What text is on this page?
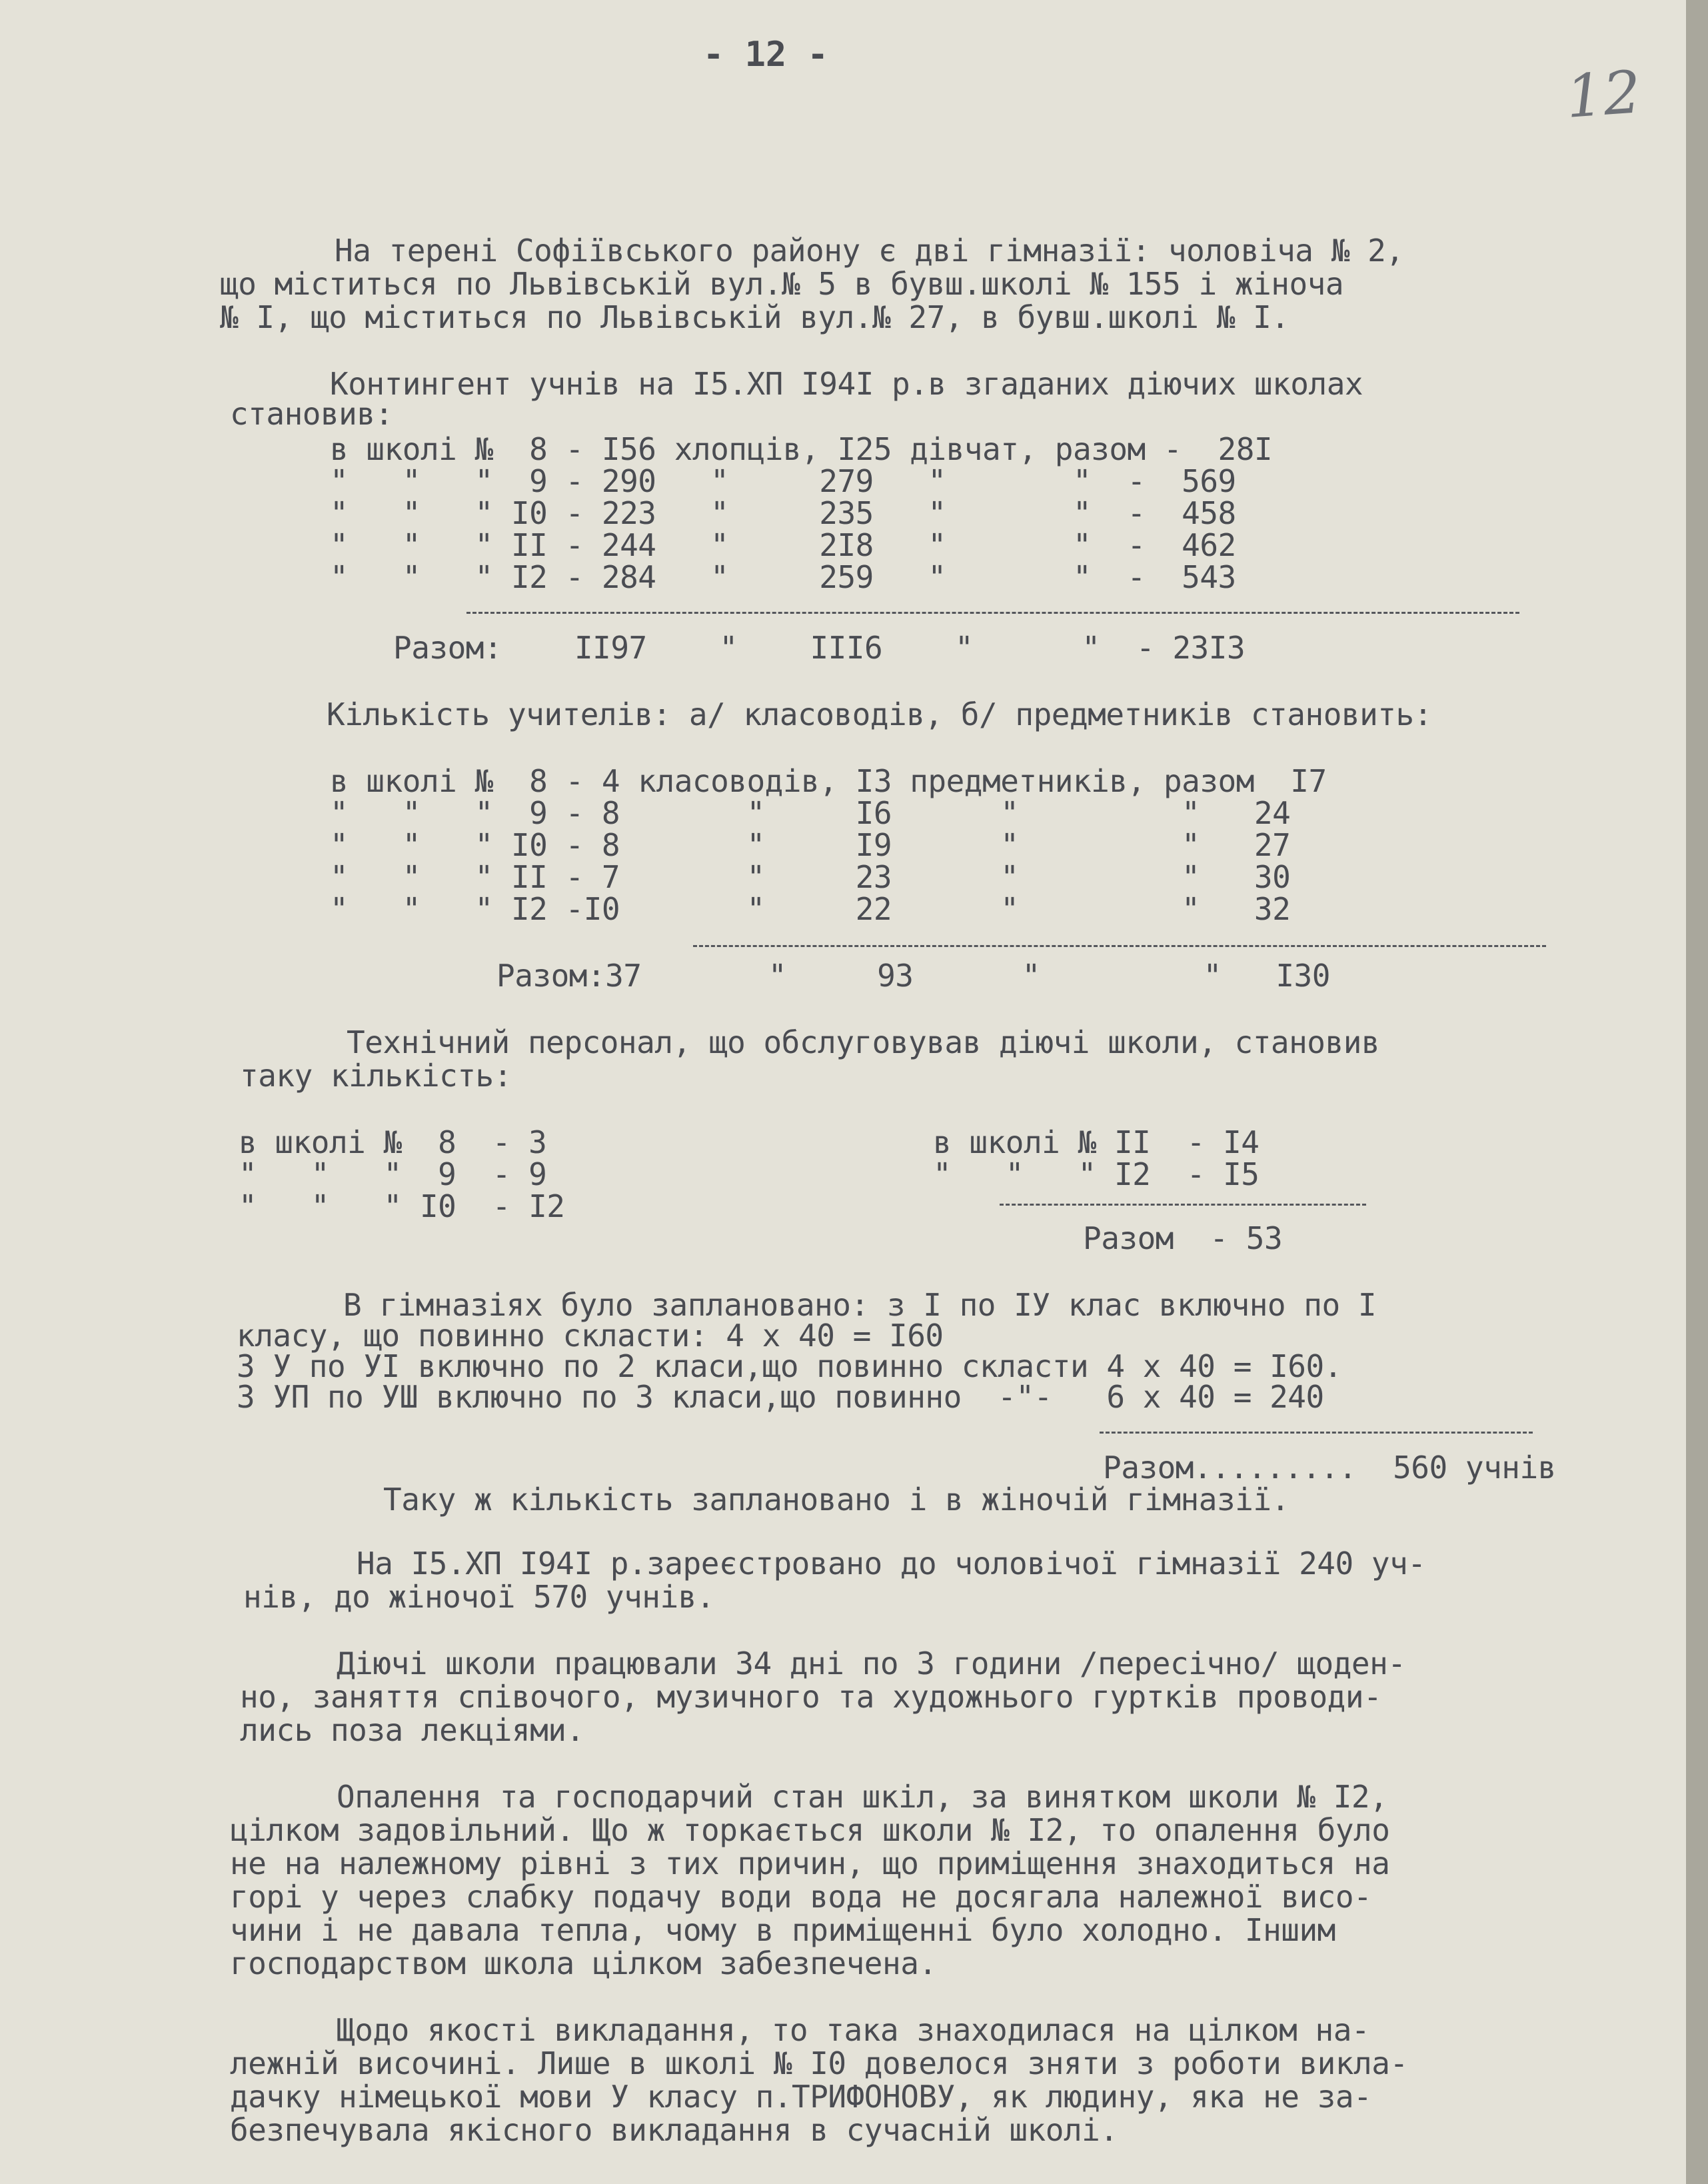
- 12 -
12
На терені Софіївського району є дві гімназії: чоловіча № 2,
що міститься по Львівській вул.№ 5 в бувш.школі № 155 і жіноча
№ І, що міститься по Львівській вул.№ 27, в бувш.школі № І.
Контингент учнів на І5.ХП І94І р.в згаданих діючих школах
становив:
в школі №  8 - І56 хлопців, І25 дівчат, разом -  28І
"   "   "  9 - 290   "     279   "       "  -  569
"   "   " І0 - 223   "     235   "       "  -  458
"   "   " ІІ - 244   "     2І8   "       "  -  462
"   "   " І2 - 284   "     259   "       "  -  543
Разом:    ІІ97    "    ІІІ6    "      "  - 23І3
Кількість учителів: а/ класоводів, б/ предметників становить:
в школі №  8 - 4 класоводів, І3 предметників, разом  І7
"   "   "  9 - 8       "     І6      "         "   24
"   "   " І0 - 8       "     І9      "         "   27
"   "   " ІІ - 7       "     23      "         "   30
"   "   " І2 -І0       "     22      "         "   32
Разом:37       "     93      "         "   І30
Технічний персонал, що обслуговував діючі школи, становив
таку кількість:
в школі №  8  - 3
"   "   "  9  - 9
"   "   " І0  - І2
в школі № ІІ  - І4
"   "   " І2  - І5
Разом  - 53
В гімназіях було заплановано: з І по ІУ клас включно по І
класу, що повинно скласти: 4 х 40 = І60
З У по УІ включно по 2 класи,що повинно скласти 4 х 40 = І60.
З УП по УШ включно по 3 класи,що повинно  -"-   6 х 40 = 240
Разом.........  560 учнів
Таку ж кількість заплановано і в жіночій гімназії.
На І5.ХП І94І р.зареєстровано до чоловічої гімназії 240 уч-
нів, до жіночої 570 учнів.
Діючі школи працювали 34 дні по 3 години /пересічно/ щоден-
но, заняття співочого, музичного та художнього гуртків проводи-
лись поза лекціями.
Опалення та господарчий стан шкіл, за винятком школи № І2,
цілком задовільний. Що ж торкається школи № І2, то опалення було
не на належному рівні з тих причин, що приміщення знаходиться на
горі у через слабку подачу води вода не досягала належної висо-
чини і не давала тепла, чому в приміщенні було холодно. Іншим
господарством школа цілком забезпечена.
Щодо якості викладання, то така знаходилася на цілком на-
лежній височині. Лише в школі № І0 довелося зняти з роботи викла-
дачку німецької мови У класу п.ТРИФОНОВУ, як людину, яка не за-
безпечувала якісного викладання в сучасній школі.
